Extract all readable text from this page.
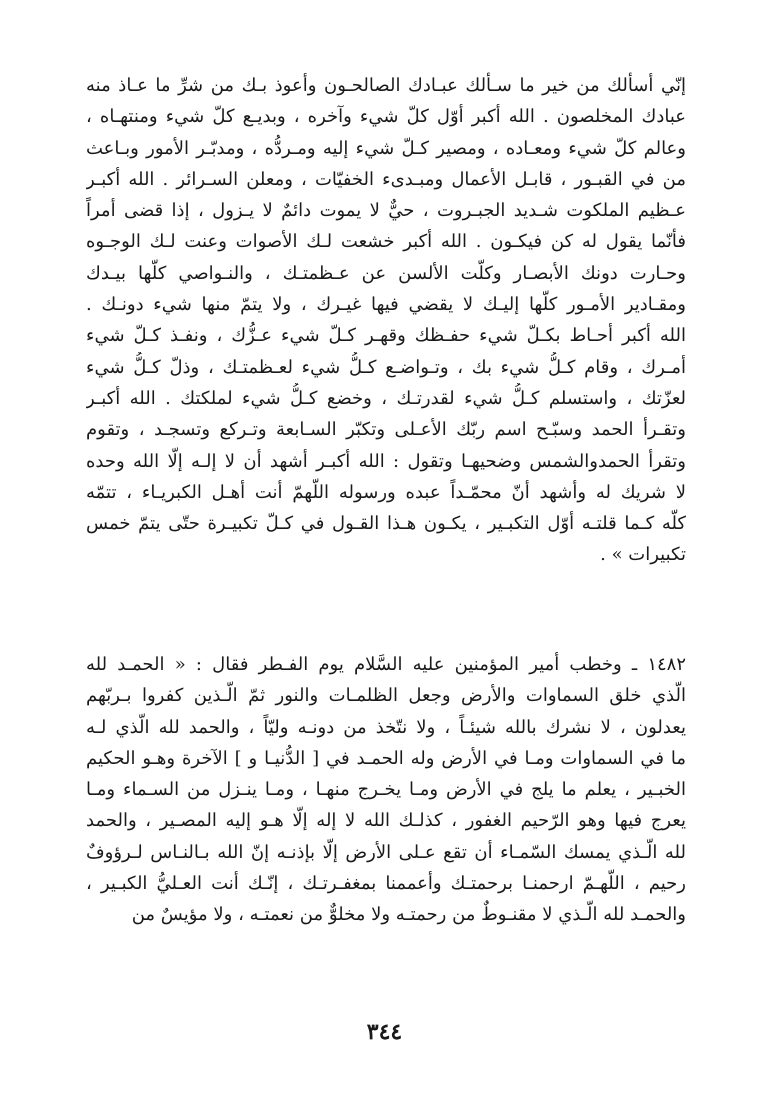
إنّي أسألك من خير ما سـألك عبـادك الصالحـون وأعوذ بـك من شرِّ ما عـاذ منه
عبادك المخلصون . الله أكبر أوّل كلّ شيء وآخره ، وبديـع كلّ شيء ومنتهـاه ،
وعالم كلّ شيء ومعـاده ، ومصير كـلّ شيء إليه ومـردُّه ، ومدبّـر الأمور وبـاعث
من في القبـور ، قابـل الأعمال ومبـدىء الخفيّات ، ومعلن السـرائر . الله أكبـر
عـظيم الملكوت شـديد الجبـروت ، حيٌّ لا يموت دائمٌ لا يـزول ، إذا قضى أمراً
فأنّما يقول له كن فيكـون . الله أكبر خشعت لـك الأصوات وعنت لـك الوجـوه
وحـارت دونك الأبصـار وكلّت الألسن عن عـظمتـك ، والنـواصي كلّها بيـدك
ومقـادير الأمـور كلّها إليـك لا يقضي فيها غيـرك ، ولا يتمّ منها شيء دونـك .
الله أكبر أحـاط بكـلّ شيء حفـظك وقهـر كـلّ شيء عـزُّك ، ونفـذ كـلّ شيء
أمـرك ، وقام كـلُّ شيء بك ، وتـواضـع كـلُّ شيء لعـظمتـك ، وذلّ كـلُّ شيء
لعزّتك ، واستسلم كـلُّ شيء لقدرتـك ، وخضع كـلُّ شيء لملكتك . الله أكبـر
وتقـرأ الحمد وسبّـح اسم ربّك الأعـلى وتكبّر السـابعة وتـركع وتسجـد ، وتقوم
وتقرأ الحمدوالشمس وضحيهـا وتقول : الله أكبـر أشهد أن لا إلـه إلّا الله وحده
لا شريك له وأشهد أنّ محمّـداً عبده ورسوله اللّهمّ أنت أهـل الكبريـاء ، تتمّه
كلّه كـما قلتـه أوّل التكبـير ، يكـون هـذا القـول في كـلّ تكبيـرة حتّى يتمّ خمس
تكبيرات » .
١٤٨٢ ـ وخطب أمير المؤمنين عليه السَّلام يوم الفـطر فقال : « الحمـد لله
الّذي خلق السماوات والأرض وجعل الظلمـات والنور ثمّ الّـذين كفروا بـربّهم
يعدلون ، لا نشرك بالله شيئـاً ، ولا نتّخذ من دونـه وليّاً ، والحمد لله الّذي لـه
ما في السماوات ومـا في الأرض وله الحمـد في [ الدُّنيـا و ] الآخرة وهـو الحكيم
الخبـير ، يعلم ما يلج في الأرض ومـا يخـرج منهـا ، ومـا ينـزل من السـماء ومـا
يعرج فيها وهو الرّحيم الغفور ، كذلـك الله لا إله إلّا هـو إليه المصـير ، والحمد
لله الّـذي يمسك السّمـاء أن تقع عـلى الأرض إلّا بإذنـه إنّ الله بـالنـاس لـرؤوفٌ
رحيم ، اللّهـمّ ارحمنـا برحمتـك وأعممنا بمغفـرتـك ، إنّـك أنت العـليُّ الكبـير ،
والحمـد لله الّـذي لا مقنـوطٌ من رحمتـه ولا مخلوٌّ من نعمتـه ، ولا مؤيسٌ من
٣٤٤
